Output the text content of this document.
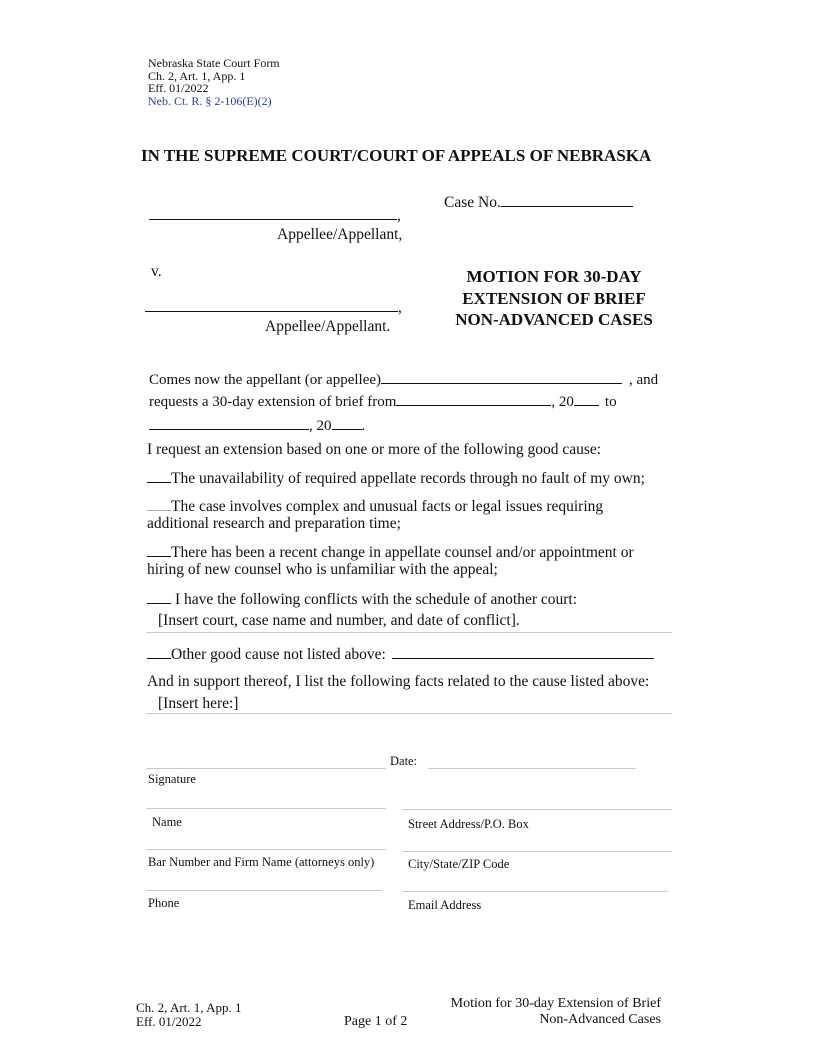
Nebraska State Court Form
Ch. 2, Art. 1, App. 1
Eff. 01/2022
Neb. Ct. R. § 2-106(E)(2)
IN THE SUPREME COURT/COURT OF APPEALS OF NEBRASKA
Case No.
,
Appellee/Appellant,
v.
,
Appellee/Appellant.
MOTION FOR 30-DAY
EXTENSION OF BRIEF
NON-ADVANCED CASES
Comes now the appellant (or appellee)	, and
requests a 30-day extension of brief from	, 20 to
, 20 .
I request an extension based on one or more of the following good cause:
The unavailability of required appellate records through no fault of my own;
The case involves complex and unusual facts or legal issues requiring
additional research and preparation time;
There has been a recent change in appellate counsel and/or appointment or
hiring of new counsel who is unfamiliar with the appeal;
I have the following conflicts with the schedule of another court:
[Insert court, case name and number, and date of conflict].
Other good cause not listed above:
And in support thereof, I list the following facts related to the cause listed above:
[Insert here:]
Date:
Signature
Name	Street Address/P.O. Box
Bar Number and Firm Name (attorneys only)	City/State/ZIP Code
Phone	Email Address
Ch. 2, Art. 1, App. 1
Eff. 01/2022	Page 1 of 2
Motion for 30-day Extension of Brief
Non-Advanced Cases
